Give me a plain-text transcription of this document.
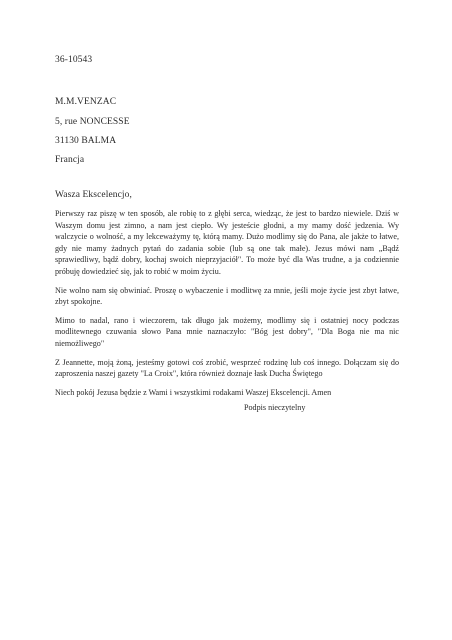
36-10543
M.M.VENZAC
5, rue NONCESSE
31130 BALMA
Francja
Wasza Ekscelencjo,

Pierwszy raz piszę w ten sposób, ale robię to z głębi serca, wiedząc, że jest to bardzo niewiele. Dziś w Waszym domu jest zimno, a nam jest ciepło. Wy jesteście głodni, a my mamy dość jedzenia. Wy walczycie o wolność, a my lekceważymy tę, którą mamy. Dużo modlimy się do Pana, ale jakże to łatwe, gdy nie mamy żadnych pytań do zadania sobie (lub są one tak małe). Jezus mówi nam „Bądź sprawiedliwy, bądź dobry, kochaj swoich nieprzyjaciół". To może być dla Was trudne, a ja codziennie próbuję dowiedzieć się, jak to robić w moim życiu.

Nie wolno nam się obwiniać. Proszę o wybaczenie i modlitwę za mnie, jeśli moje życie jest zbyt łatwe, zbyt spokojne.

Mimo to nadal, rano i wieczorem, tak długo jak możemy, modlimy się i ostatniej nocy podczas modlitewnego czuwania słowo Pana mnie naznaczyło: "Bóg jest dobry", "Dla Boga nie ma nic niemożliwego"

Z Jeannette, moją żoną, jesteśmy gotowi coś zrobić, wesprzeć rodzinę lub coś innego. Dołączam się do zaproszenia naszej gazety "La Croix", która również doznaje łask Ducha Świętego

Niech pokój Jezusa będzie z Wami i wszystkimi rodakami Waszej Ekscelencji. Amen

Podpis nieczytelny
